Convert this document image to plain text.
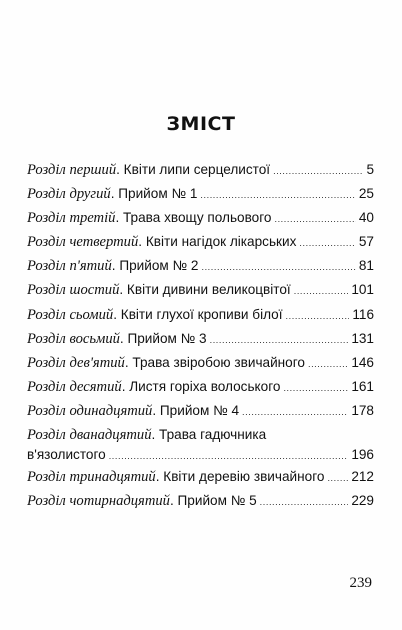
ЗМІСТ
Розділ перший . Квіти липи серцелистої .....	5
Розділ другий . Прийом № 1 .....	25
Розділ третій . Трава хвощу польового .....	40
Розділ четвертий . Квіти нагідок лікарських .....	57
Розділ п'ятий . Прийом № 2 .....	81
Розділ шостий . Квіти дивини великоцвітої .....	101
Розділ сьомий . Квіти глухої кропиви білої .....	116
Розділ восьмий . Прийом № 3 .....	131
Розділ дев'ятий . Трава звіробою звичайного .....	146
Розділ десятий . Листя горіха волоського .....	161
Розділ одинадцятий . Прийом № 4 .....	178
Розділ дванадцятий. Трава гадючника
в'язолистого .....	196
Розділ тринадцятий . Квіти деревію звичайного ..... 212
Розділ чотирнадцятий . Прийом № 5 .....	229
239
